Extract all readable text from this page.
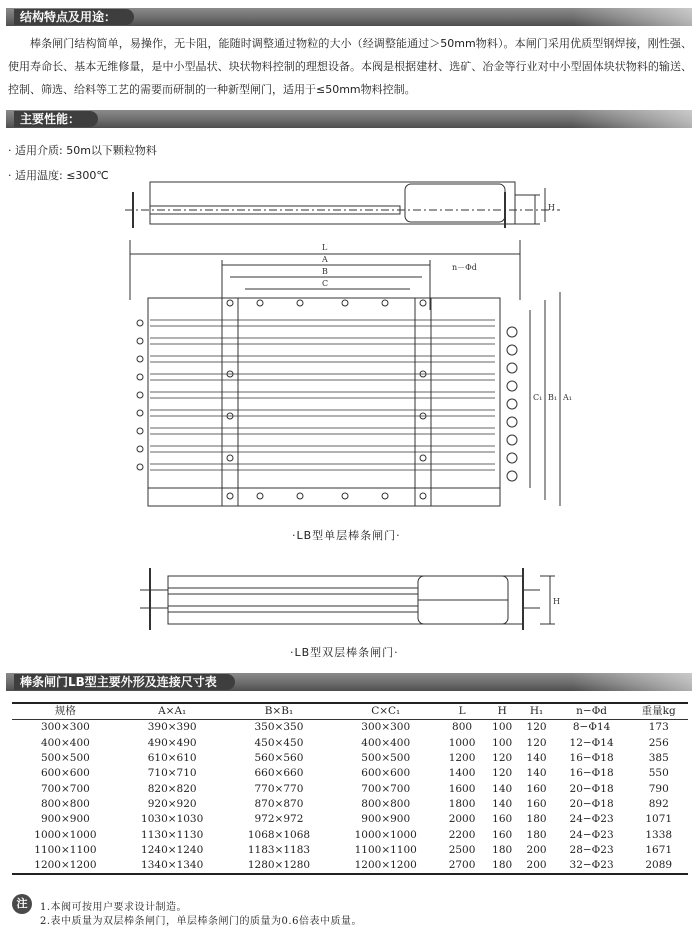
结构特点及用途：
棒条闸门结构简单，易操作，无卡阻，能随时调整通过物粒的大小（经调整能通过＞50mm物料）。本闸门采用优质型钢焊接，刚性强、使用寿命长、基本无维修量，是中小型晶状、块状物料控制的理想设备。本阀是根据建材、选矿、冶金等行业对中小型固体块状物料的输送、控制、筛选、给料等工艺的需要而研制的一种新型闸门，适用于≤50mm物料控制。
主要性能：
· 适用介质: 50m以下颗粒物料
· 适用温度: ≤300℃
L
A
B
C
n－Φd
H
C₁ B₁ A₁
·LB型单层棒条闸门·
H
·LB型双层棒条闸门·
棒条闸门LB型主要外形及连接尺寸表
规格	A×A₁	B×B₁	C×C₁	L	H	H₁	n−Φd	重量kg
300×300	390×390	350×350	300×300	800	100	120	8−Φ14	173
400×400	490×490	450×450	400×400	1000	100	120	12−Φ14	256
500×500	610×610	560×560	500×500	1200	120	140	16−Φ18	385
600×600	710×710	660×660	600×600	1400	120	140	16−Φ18	550
700×700	820×820	770×770	700×700	1600	140	160	20−Φ18	790
800×800	920×920	870×870	800×800	1800	140	160	20−Φ18	892
900×900	1030×1030	972×972	900×900	2000	160	180	24−Φ23	1071
1000×1000	1130×1130	1068×1068	1000×1000	2200	160	180	24−Φ23	1338
1100×1100	1240×1240	1183×1183	1100×1100	2500	180	200	28−Φ23	1671
1200×1200	1340×1340	1280×1280	1200×1200	2700	180	200	32−Φ23	2089
注	1.本阀可按用户要求设计制造。
2.表中质量为双层棒条闸门，单层棒条闸门的质量为0.6倍表中质量。
